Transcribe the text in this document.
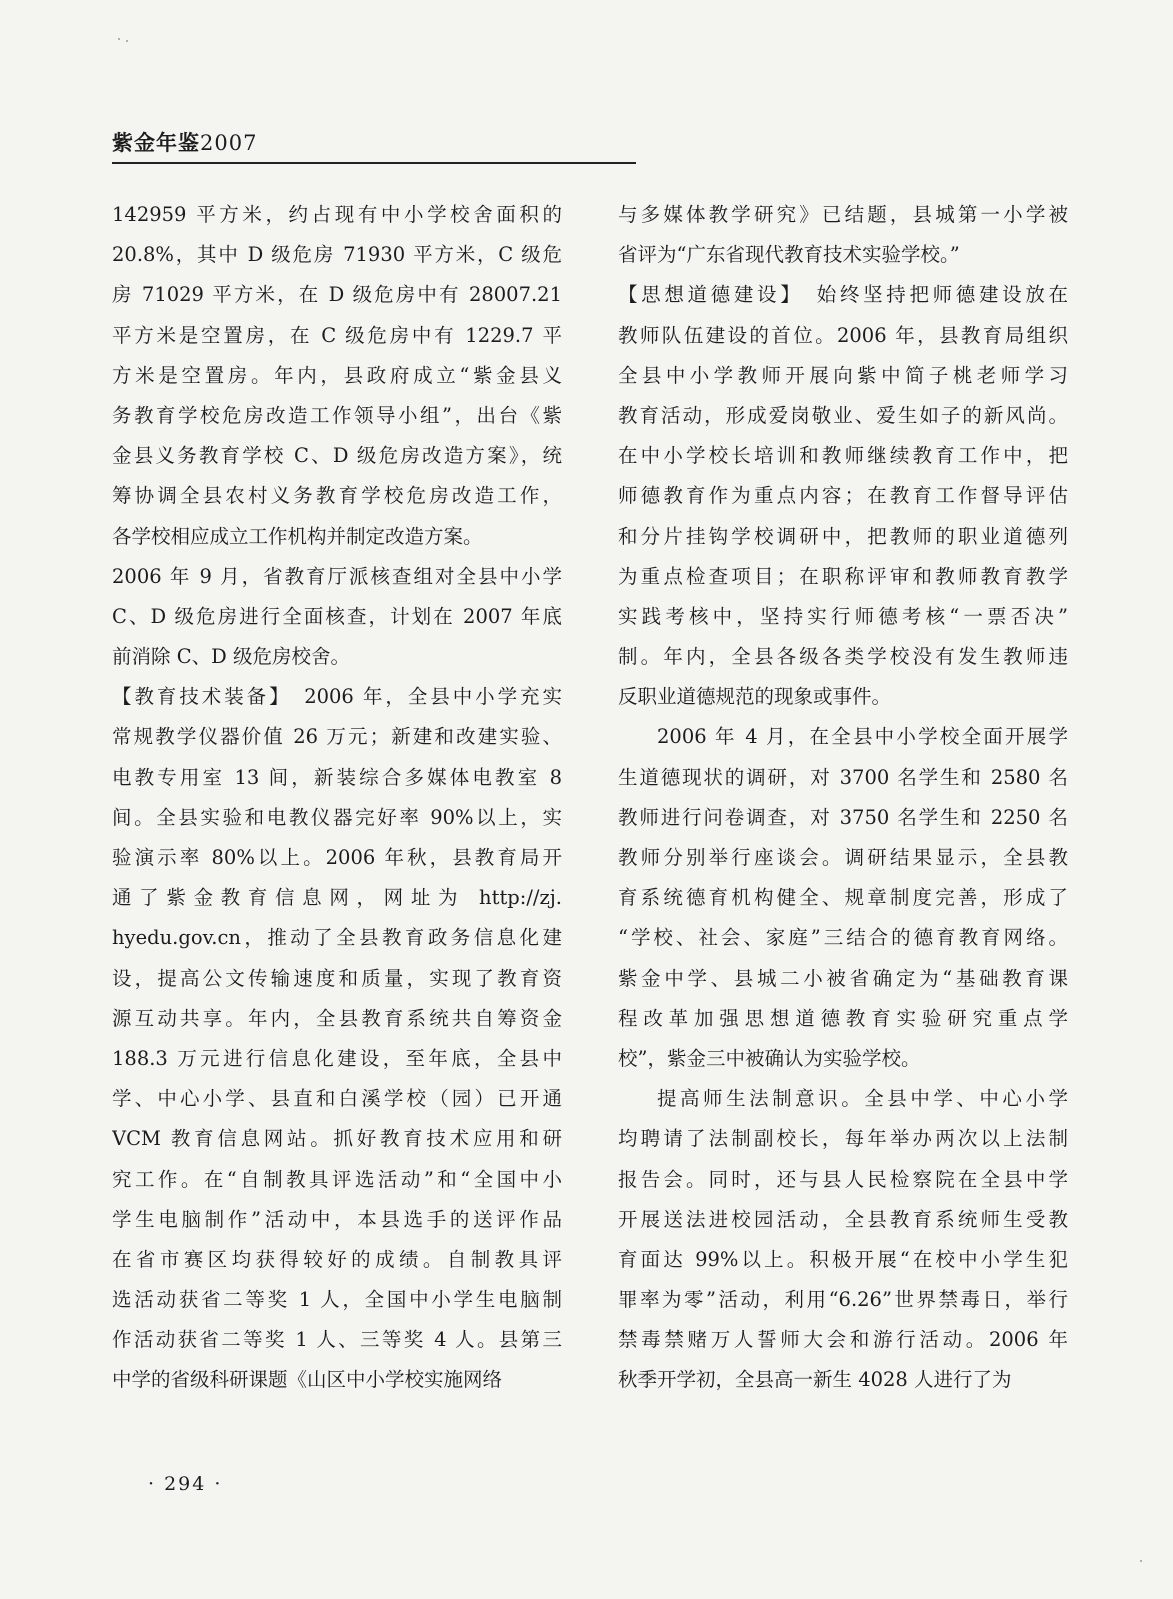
紫金年鉴2007
142959 平方米，约占现有中小学校舍面积的
20.8%，其中 D 级危房 71930 平方米，C 级危
房 71029 平方米，在 D 级危房中有 28007.21
平方米是空置房，在 C 级危房中有 1229.7 平
方米是空置房。年内，县政府成立“紫金县义
务教育学校危房改造工作领导小组”，出台《紫
金县义务教育学校 C、D 级危房改造方案》，统
筹协调全县农村义务教育学校危房改造工作，
各学校相应成立工作机构并制定改造方案。
2006 年 9 月，省教育厅派核查组对全县中小学
C、D 级危房进行全面核查，计划在 2007 年底
前消除 C、D 级危房校舍。
【教育技术装备】　2006 年，全县中小学充实
常规教学仪器价值 26 万元；新建和改建实验、
电教专用室 13 间，新装综合多媒体电教室 8
间。全县实验和电教仪器完好率 90%以上，实
验演示率 80%以上。2006 年秋，县教育局开
通了紫金教育信息网，网址为 http://zj.
hyedu.gov.cn，推动了全县教育政务信息化建
设，提高公文传输速度和质量，实现了教育资
源互动共享。年内，全县教育系统共自筹资金
188.3 万元进行信息化建设，至年底，全县中
学、中心小学、县直和白溪学校（园）已开通
VCM 教育信息网站。抓好教育技术应用和研
究工作。在“自制教具评选活动”和“全国中小
学生电脑制作”活动中，本县选手的送评作品
在省市赛区均获得较好的成绩。自制教具评
选活动获省二等奖 1 人，全国中小学生电脑制
作活动获省二等奖 1 人、三等奖 4 人。县第三
中学的省级科研课题《山区中小学校实施网络
与多媒体教学研究》已结题，县城第一小学被
省评为“广东省现代教育技术实验学校。”
【思想道德建设】　始终坚持把师德建设放在
教师队伍建设的首位。2006 年，县教育局组织
全县中小学教师开展向紫中简子桃老师学习
教育活动，形成爱岗敬业、爱生如子的新风尚。
在中小学校长培训和教师继续教育工作中，把
师德教育作为重点内容；在教育工作督导评估
和分片挂钩学校调研中，把教师的职业道德列
为重点检查项目；在职称评审和教师教育教学
实践考核中，坚持实行师德考核“一票否决”
制。年内，全县各级各类学校没有发生教师违
反职业道德规范的现象或事件。
2006 年 4 月，在全县中小学校全面开展学
生道德现状的调研，对 3700 名学生和 2580 名
教师进行问卷调查，对 3750 名学生和 2250 名
教师分别举行座谈会。调研结果显示，全县教
育系统德育机构健全、规章制度完善，形成了
“学校、社会、家庭”三结合的德育教育网络。
紫金中学、县城二小被省确定为“基础教育课
程改革加强思想道德教育实验研究重点学
校”，紫金三中被确认为实验学校。
提高师生法制意识。全县中学、中心小学
均聘请了法制副校长，每年举办两次以上法制
报告会。同时，还与县人民检察院在全县中学
开展送法进校园活动，全县教育系统师生受教
育面达 99%以上。积极开展“在校中小学生犯
罪率为零”活动，利用“6.26”世界禁毒日，举行
禁毒禁赌万人誓师大会和游行活动。2006 年
秋季开学初，全县高一新生 4028 人进行了为
· 294 ·
